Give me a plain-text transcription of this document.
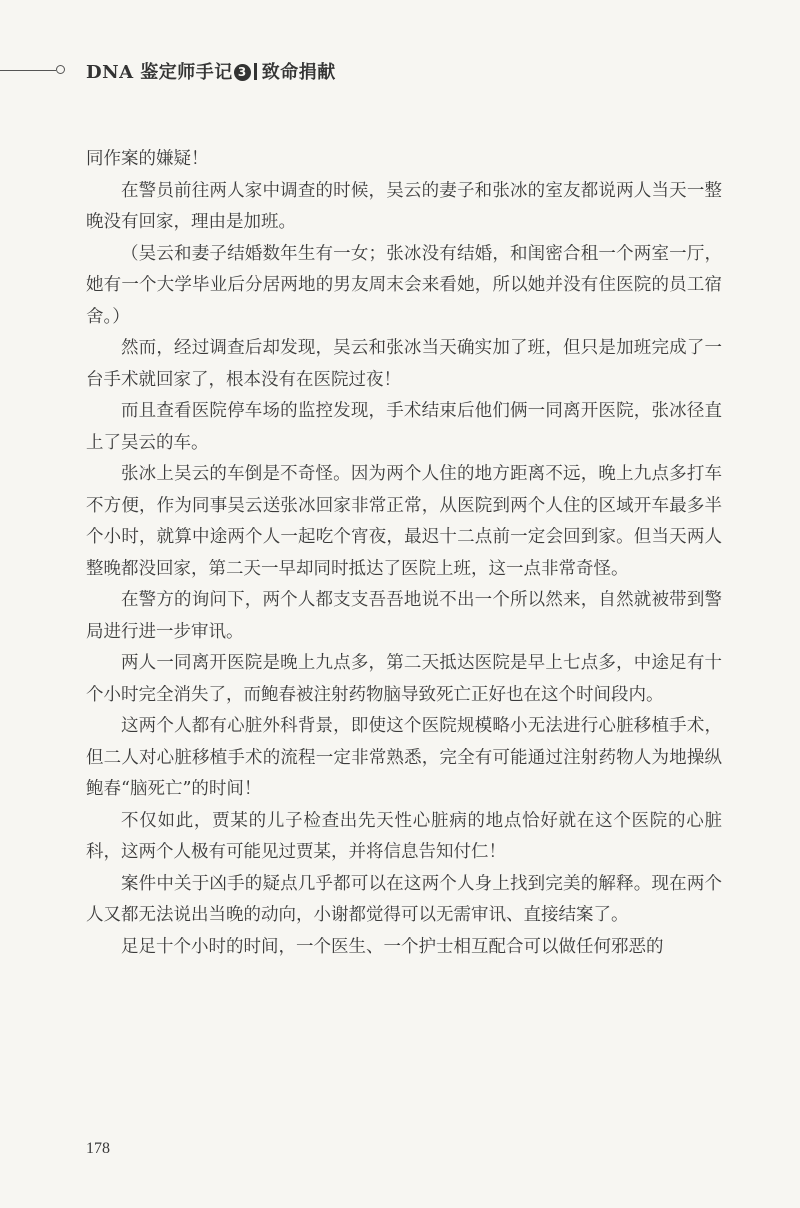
DNA 鉴定师手记 3 致命捐献

同作案的嫌疑！

在警员前往两人家中调查的时候，吴云的妻子和张冰的室友都说两人当天一整晚没有回家，理由是加班。

（吴云和妻子结婚数年生有一女；张冰没有结婚，和闺密合租一个两室一厅，她有一个大学毕业后分居两地的男友周末会来看她，所以她并没有住医院的员工宿舍。）

然而，经过调查后却发现，吴云和张冰当天确实加了班，但只是加班完成了一台手术就回家了，根本没有在医院过夜！

而且查看医院停车场的监控发现，手术结束后他们俩一同离开医院，张冰径直上了吴云的车。

张冰上吴云的车倒是不奇怪。因为两个人住的地方距离不远，晚上九点多打车不方便，作为同事吴云送张冰回家非常正常，从医院到两个人住的区域开车最多半个小时，就算中途两个人一起吃个宵夜，最迟十二点前一定会回到家。但当天两人整晚都没回家，第二天一早却同时抵达了医院上班，这一点非常奇怪。

在警方的询问下，两个人都支支吾吾地说不出一个所以然来，自然就被带到警局进行进一步审讯。

两人一同离开医院是晚上九点多，第二天抵达医院是早上七点多，中途足有十个小时完全消失了，而鲍春被注射药物脑导致死亡正好也在这个时间段内。

这两个人都有心脏外科背景，即使这个医院规模略小无法进行心脏移植手术，但二人对心脏移植手术的流程一定非常熟悉，完全有可能通过注射药物人为地操纵鲍春“脑死亡”的时间！

不仅如此，贾某的儿子检查出先天性心脏病的地点恰好就在这个医院的心脏科，这两个人极有可能见过贾某，并将信息告知付仁！

案件中关于凶手的疑点几乎都可以在这两个人身上找到完美的解释。现在两个人又都无法说出当晚的动向，小谢都觉得可以无需审讯、直接结案了。

足足十个小时的时间，一个医生、一个护士相互配合可以做任何邪恶的

178
